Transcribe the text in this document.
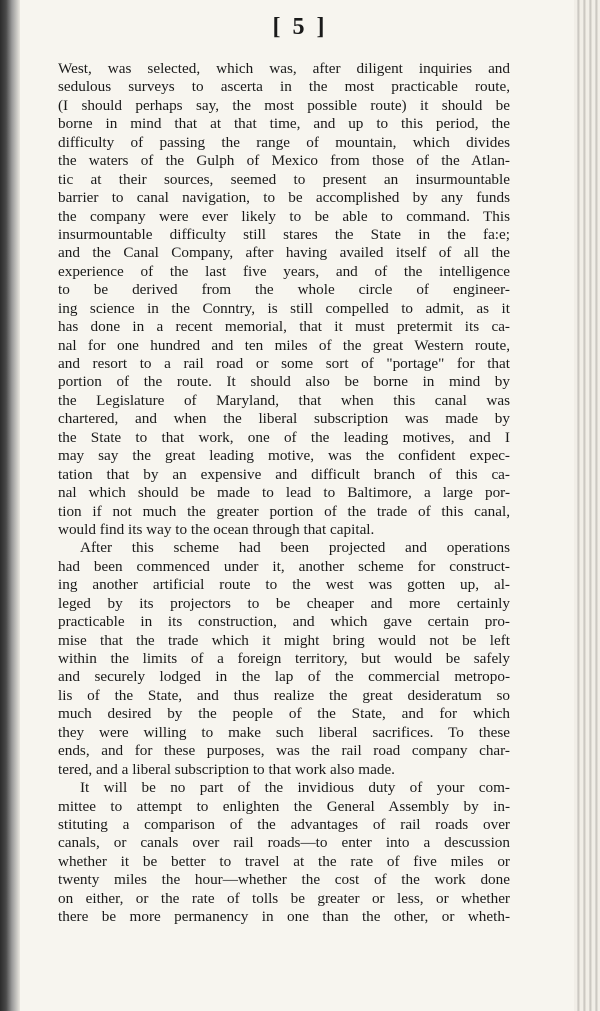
[ 5 ]
West, was selected, which was, after diligent inquiries and
sedulous surveys to ascerta in the most practicable route,
(I should perhaps say, the most possible route) it should be
borne in mind that at that time, and up to this period, the
difficulty of passing the range of mountain, which divides
the waters of the Gulph of Mexico from those of the Atlan-
tic at their sources, seemed to present an insurmountable
barrier to canal navigation, to be accomplished by any funds
the company were ever likely to be able to command. This
insurmountable difficulty still stares the State in the fa:e;
and the Canal Company, after having availed itself of all the
experience of the last five years, and of the intelligence
to be derived from the whole circle of engineer-
ing science in the Conntry, is still compelled to admit, as it
has done in a recent memorial, that it must pretermit its ca-
nal for one hundred and ten miles of the great Western route,
and resort to a rail road or some sort of "portage" for that
portion of the route. It should also be borne in mind by
the Legislature of Maryland, that when this canal was
chartered, and when the liberal subscription was made by
the State to that work, one of the leading motives, and I
may say the great leading motive, was the confident expec-
tation that by an expensive and difficult branch of this ca-
nal which should be made to lead to Baltimore, a large por-
tion if not much the greater portion of the trade of this canal,
would find its way to the ocean through that capital.
After this scheme had been projected and operations
had been commenced under it, another scheme for construct-
ing another artificial route to the west was gotten up, al-
leged by its projectors to be cheaper and more certainly
practicable in its construction, and which gave certain pro-
mise that the trade which it might bring would not be left
within the limits of a foreign territory, but would be safely
and securely lodged in the lap of the commercial metropo-
lis of the State, and thus realize the great desideratum so
much desired by the people of the State, and for which
they were willing to make such liberal sacrifices. To these
ends, and for these purposes, was the rail road company char-
tered, and a liberal subscription to that work also made.
It will be no part of the invidious duty of your com-
mittee to attempt to enlighten the General Assembly by in-
stituting a comparison of the advantages of rail roads over
canals, or canals over rail roads—to enter into a descussion
whether it be better to travel at the rate of five miles or
twenty miles the hour—whether the cost of the work done
on either, or the rate of tolls be greater or less, or whether
there be more permanency in one than the other, or wheth-
